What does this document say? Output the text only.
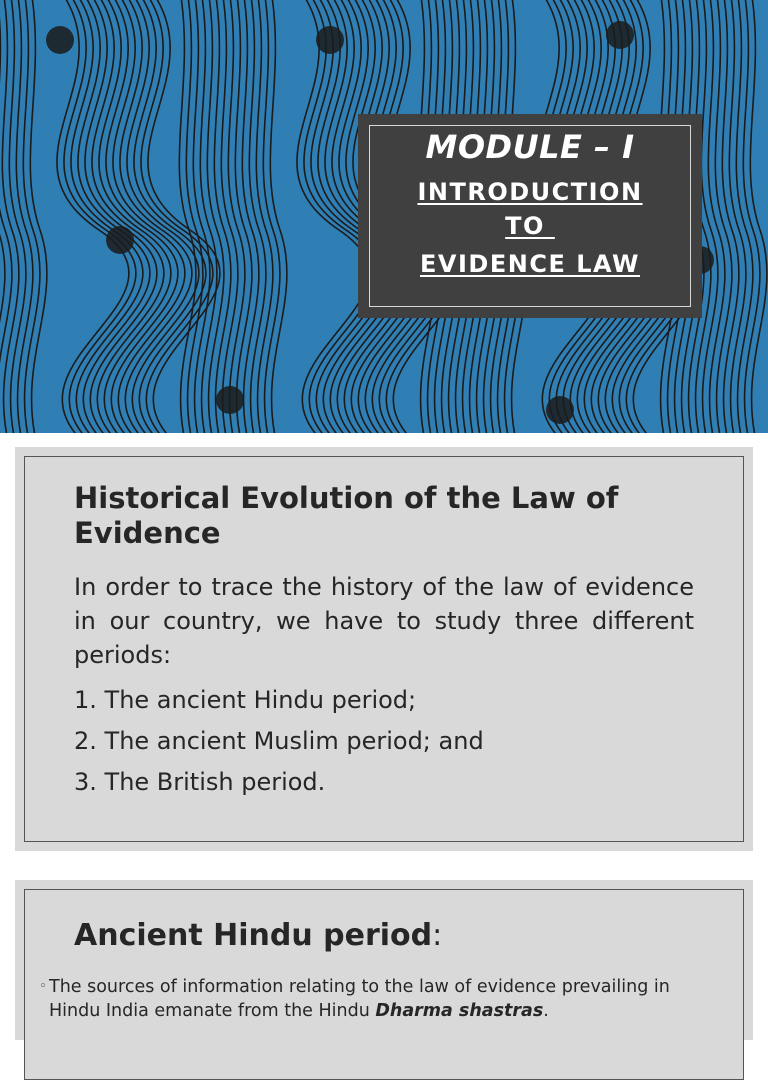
MODULE – I
INTRODUCTION
TO
EVIDENCE LAW
Historical Evolution of the Law of Evidence
In order to trace the history of the law of evidence in our country, we have to study three different periods:
1. The ancient Hindu period;
2. The ancient Muslim period; and
3. The British period.
Ancient Hindu period:
◦ The sources of information relating to the law of evidence prevailing in Hindu India emanate from the Hindu Dharma shastras.
